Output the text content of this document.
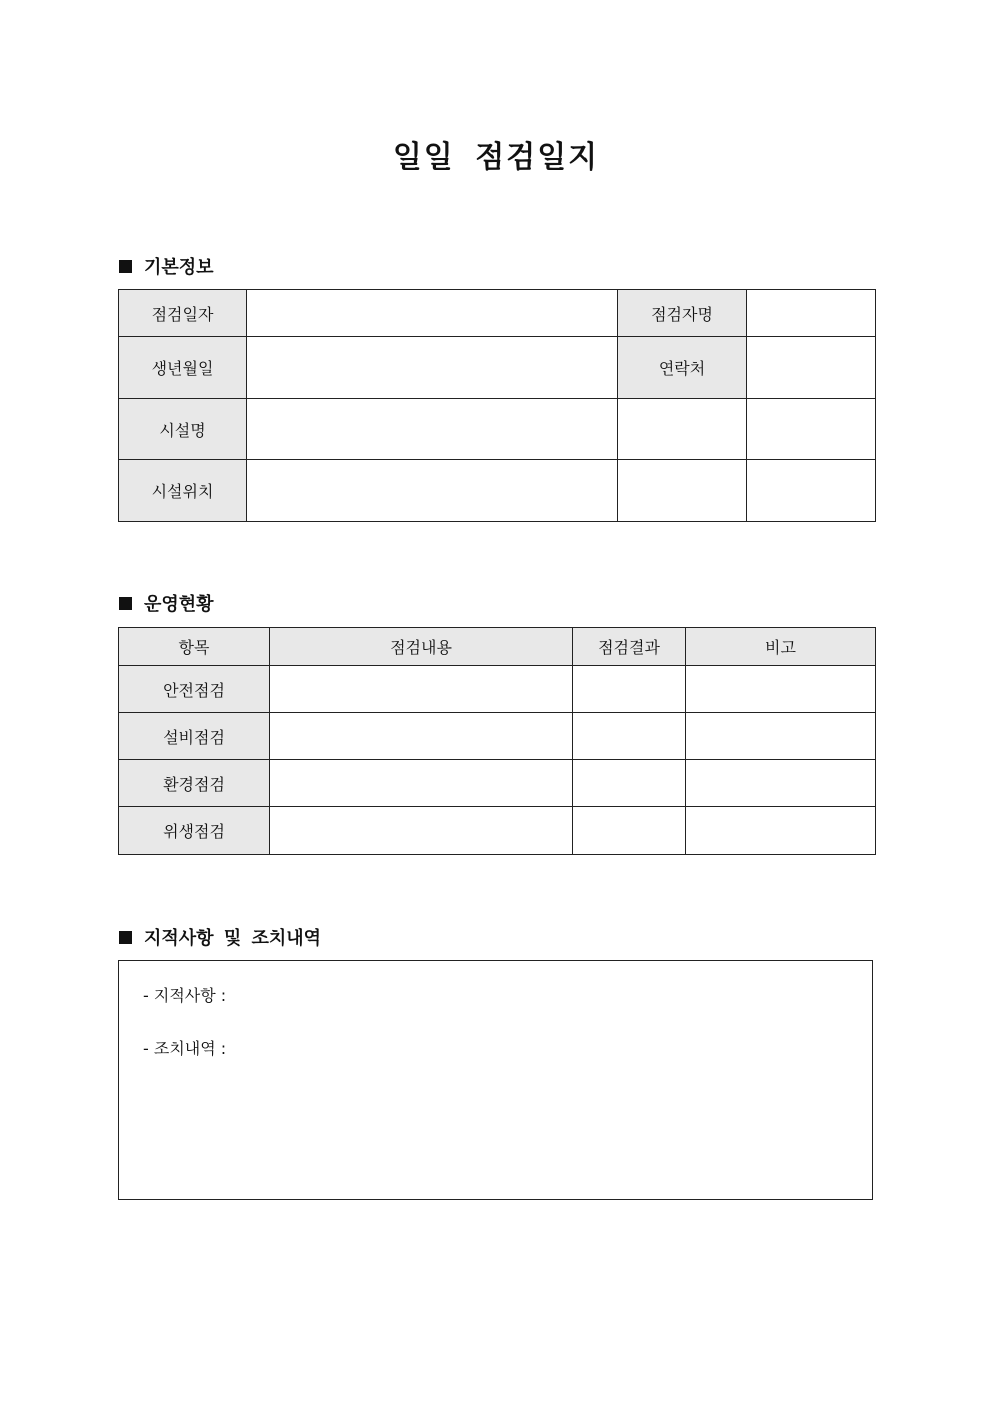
일일 점검일지
기본정보
점검일자		점검자명	
생년월일		연락처	
시설명			
시설위치			
운영현황
항목	점검내용	점검결과	비고
안전점검			
설비점검			
환경점검			
위생점검			
지적사항 및 조치내역
- 지적사항 :
- 조치내역 :
